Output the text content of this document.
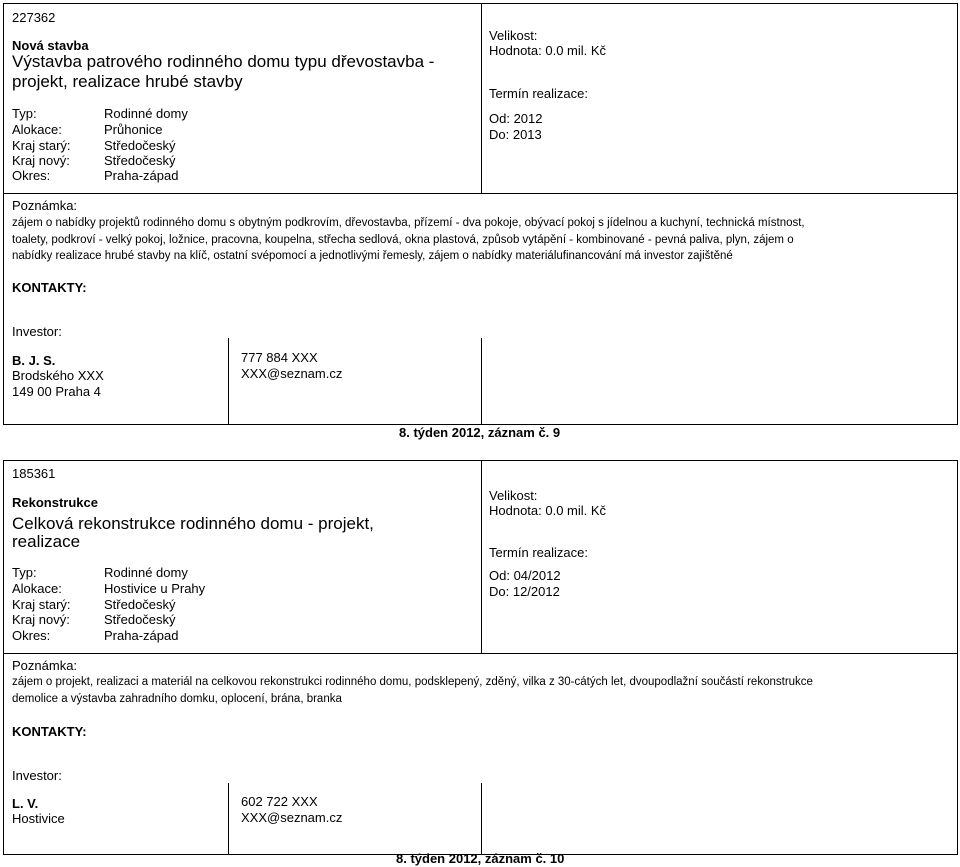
227362
Nová stavba
Výstavba patrového rodinného domu typu dřevostavba -
projekt, realizace hrubé stavby
Typ:
Alokace:
Kraj starý:
Kraj nový:
Okres:
Rodinné domy
Průhonice
Středočeský
Středočeský
Praha-západ
Velikost:
Hodnota: 0.0 mil. Kč
Termín realizace:
Od: 2012
Do: 2013
Poznámka:
zájem o nabídky projektů rodinného domu s obytným podkrovím, dřevostavba, přízemí - dva pokoje, obývací pokoj s jídelnou a kuchyní, technická místnost,
toalety, podkroví - velký pokoj, ložnice, pracovna, koupelna, střecha sedlová, okna plastová, způsob vytápění - kombinované - pevná paliva, plyn, zájem o
nabídky realizace hrubé stavby na klíč, ostatní svépomocí a jednotlivými řemesly, zájem o nabídky materiálufinancování má investor zajištěné
KONTAKTY:
Investor:
B. J. S.
Brodského XXX
149 00 Praha 4
777 884 XXX
XXX@seznam.cz
8. týden 2012, záznam č. 9
185361
Rekonstrukce
Celková rekonstrukce rodinného domu - projekt,
realizace
Typ:
Alokace:
Kraj starý:
Kraj nový:
Okres:
Rodinné domy
Hostivice u Prahy
Středočeský
Středočeský
Praha-západ
Velikost:
Hodnota: 0.0 mil. Kč
Termín realizace:
Od: 04/2012
Do: 12/2012
Poznámka:
zájem o projekt, realizaci a materiál na celkovou rekonstrukci rodinného domu, podsklepený, zděný, vilka z 30-cátých let, dvoupodlažní součástí rekonstrukce
demolice a výstavba zahradního domku, oplocení, brána, branka
KONTAKTY:
Investor:
L. V.
Hostivice
602 722 XXX
XXX@seznam.cz
8. týden 2012, záznam č. 10
